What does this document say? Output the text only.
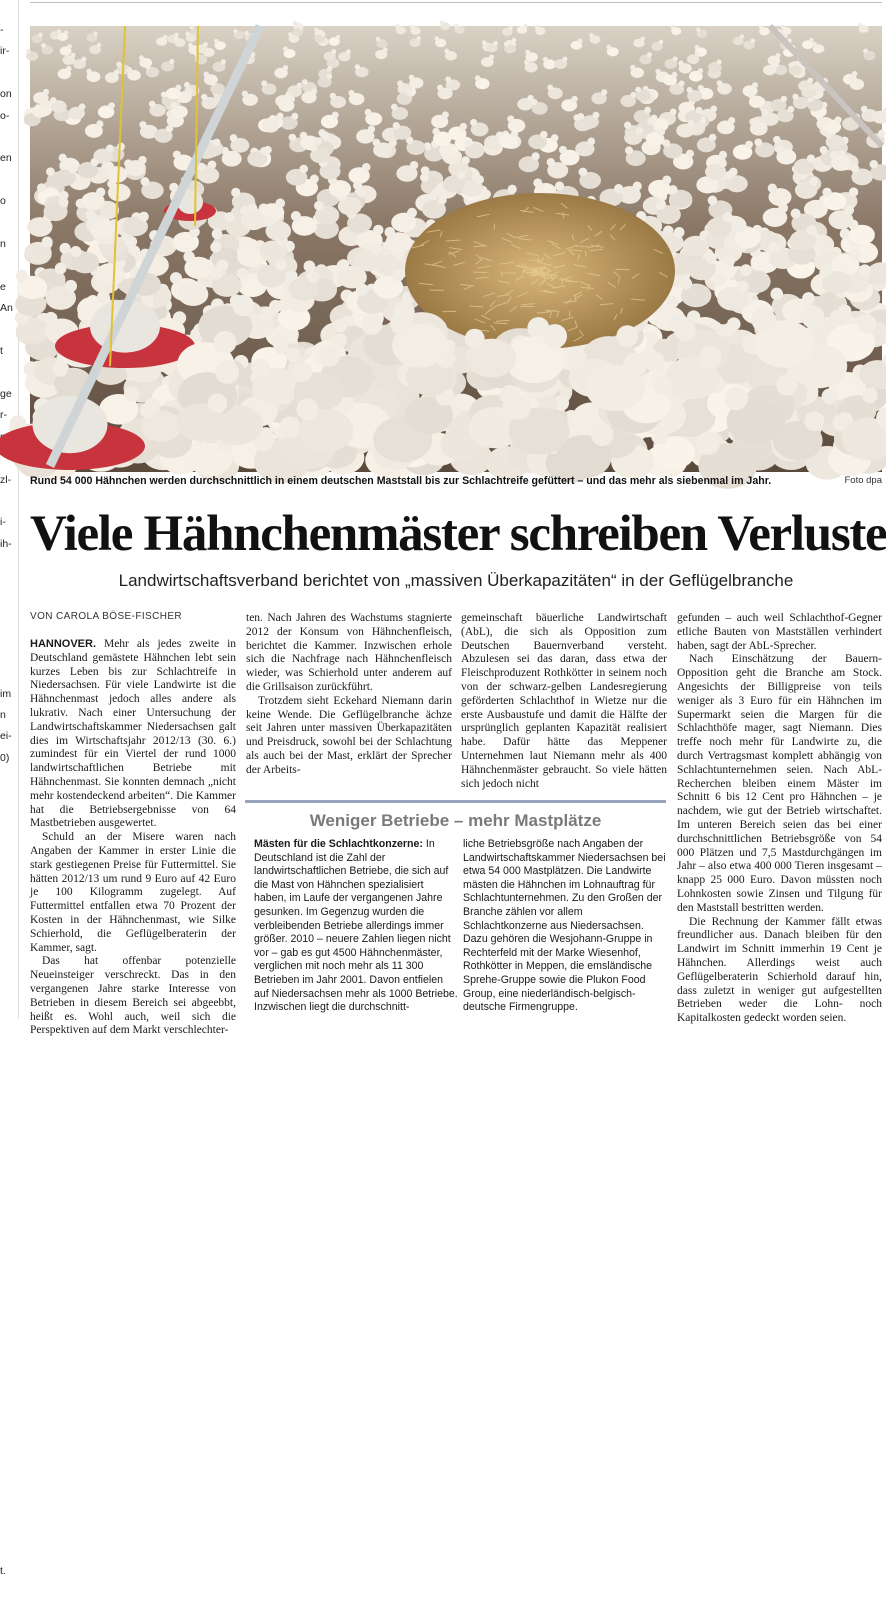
-
ir-

on
o-

en

o

n

e
An

t

ge
r-

zl-

i-
ih-

im
n
ei-
0)

t.

Rund 54 000 Hähnchen werden durchschnittlich in einem deutschen Maststall bis zur Schlachtreife gefüttert – und das mehr als siebenmal im Jahr.	Foto dpa
Viele Hähnchenmäster schreiben Verluste
Landwirtschaftsverband berichtet von „massiven Überkapazitäten“ in der Geflügelbranche
VON CAROLA BÖSE-FISCHER

HANNOVER. Mehr als jedes zweite in Deutschland gemästete Hähnchen lebt sein kurzes Leben bis zur Schlachtreife in Niedersachsen. Für viele Landwirte ist die Hähnchenmast jedoch alles andere als lukrativ. Nach einer Untersuchung der Landwirtschaftskammer Niedersachsen galt dies im Wirtschaftsjahr 2012/13 (30. 6.) zumindest für ein Viertel der rund 1000 landwirtschaftlichen Betriebe mit Hähnchenmast. Sie konnten demnach „nicht mehr kostendeckend arbeiten“. Die Kammer hat die Betriebsergebnisse von 64 Mastbetrieben ausgewertet.

Schuld an der Misere waren nach Angaben der Kammer in erster Linie die stark gestiegenen Preise für Futtermittel. Sie hätten 2012/13 um rund 9 Euro auf 42 Euro je 100 Kilogramm zugelegt. Auf Futtermittel entfallen etwa 70 Prozent der Kosten in der Hähnchenmast, wie Silke Schierhold, die Geflügelberaterin der Kammer, sagt.

Das hat offenbar potenzielle Neueinsteiger verschreckt. Das in den vergangenen Jahre starke Interesse von Betrieben in diesem Bereich sei abgeebbt, heißt es. Wohl auch, weil sich die Perspektiven auf dem Markt verschlechter-

ten. Nach Jahren des Wachstums stagnierte 2012 der Konsum von Hähnchenfleisch, berichtet die Kammer. Inzwischen erhole sich die Nachfrage nach Hähnchenfleisch wieder, was Schierhold unter anderem auf die Grillsaison zurückführt.

Trotzdem sieht Eckehard Niemann darin keine Wende. Die Geflügelbranche ächze seit Jahren unter massiven Überkapazitäten und Preisdruck, sowohl bei der Schlachtung als auch bei der Mast, erklärt der Sprecher der Arbeits-

gemeinschaft bäuerliche Landwirtschaft (AbL), die sich als Opposition zum Deutschen Bauernverband versteht. Abzulesen sei das daran, dass etwa der Fleischproduzent Rothkötter in seinem noch von der schwarz-gelben Landesregierung geförderten Schlachthof in Wietze nur die erste Ausbaustufe und damit die Hälfte der ursprünglich geplanten Kapazität realisiert habe. Dafür hätte das Meppener Unternehmen laut Niemann mehr als 400 Hähnchenmäster gebraucht. So viele hätten sich jedoch nicht

gefunden – auch weil Schlachthof-Gegner etliche Bauten von Mastställen verhindert haben, sagt der AbL-Sprecher.

Nach Einschätzung der Bauern-Opposition geht die Branche am Stock. Angesichts der Billigpreise von teils weniger als 3 Euro für ein Hähnchen im Supermarkt seien die Margen für die Schlachthöfe mager, sagt Niemann. Dies treffe noch mehr für Landwirte zu, die durch Vertragsmast komplett abhängig von Schlachtunternehmen seien. Nach AbL-Recherchen bleiben einem Mäster im Schnitt 6 bis 12 Cent pro Hähnchen – je nachdem, wie gut der Betrieb wirtschaftet. Im unteren Bereich seien das bei einer durchschnittlichen Betriebsgröße von 54 000 Plätzen und 7,5 Mastdurchgängen im Jahr – also etwa 400 000 Tieren insgesamt – knapp 25 000 Euro. Davon müssten noch Lohnkosten sowie Zinsen und Tilgung für den Maststall bestritten werden.

Die Rechnung der Kammer fällt etwas freundlicher aus. Danach bleiben für den Landwirt im Schnitt immerhin 19 Cent je Hähnchen. Allerdings weist auch Geflügelberaterin Schierhold darauf hin, dass zuletzt in weniger gut aufgestellten Betrieben weder die Lohn- noch Kapitalkosten gedeckt worden seien.

Weniger Betriebe – mehr Mastplätze
Mästen für die Schlachtkonzerne: In Deutschland ist die Zahl der landwirtschaftlichen Betriebe, die sich auf die Mast von Hähnchen spezialisiert haben, im Laufe der vergangenen Jahre gesunken. Im Gegenzug wurden die verbleibenden Betriebe allerdings immer größer. 2010 – neuere Zahlen liegen nicht vor – gab es gut 4500 Hähnchenmäster, verglichen mit noch mehr als 11 300 Betrieben im Jahr 2001. Davon entfielen auf Niedersachsen mehr als 1000 Betriebe. Inzwischen liegt die durchschnitt-
liche Betriebsgröße nach Angaben der Landwirtschaftskammer Niedersachsen bei etwa 54 000 Mastplätzen. Die Landwirte mästen die Hähnchen im Lohnauftrag für Schlachtunternehmen. Zu den Großen der Branche zählen vor allem Schlachtkonzerne aus Niedersachsen. Dazu gehören die Wesjohann-Gruppe in Rechterfeld mit der Marke Wiesenhof, Rothkötter in Meppen, die emsländische Sprehe-Gruppe sowie die Plukon Food Group, eine niederländisch-belgisch-deutsche Firmengruppe.
